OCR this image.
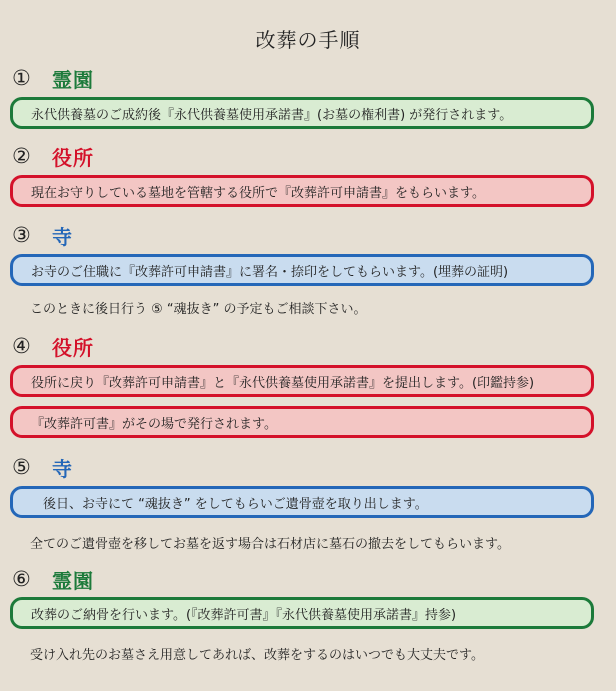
改葬の手順
①	霊園
永代供養墓のご成約後『永代供養墓使用承諾書』(お墓の権利書) が発行されます。
②	役所
現在お守りしている墓地を管轄する役所で『改葬許可申請書』をもらいます。
③	寺
お寺のご住職に『改葬許可申請書』に署名・捺印をしてもらいます。(埋葬の証明)
このときに後日行う ⑤ “魂抜き” の予定もご相談下さい。
④	役所
役所に戻り『改葬許可申請書』と『永代供養墓使用承諾書』を提出します。(印鑑持参)
『改葬許可書』がその場で発行されます。
⑤	寺
後日、お寺にて “魂抜き” をしてもらいご遺骨壺を取り出します。
全てのご遺骨壺を移してお墓を返す場合は石材店に墓石の撤去をしてもらいます。
⑥	霊園
改葬のご納骨を行います。(『改葬許可書』『永代供養墓使用承諾書』持参)
受け入れ先のお墓さえ用意してあれば、改葬をするのはいつでも大丈夫です。
